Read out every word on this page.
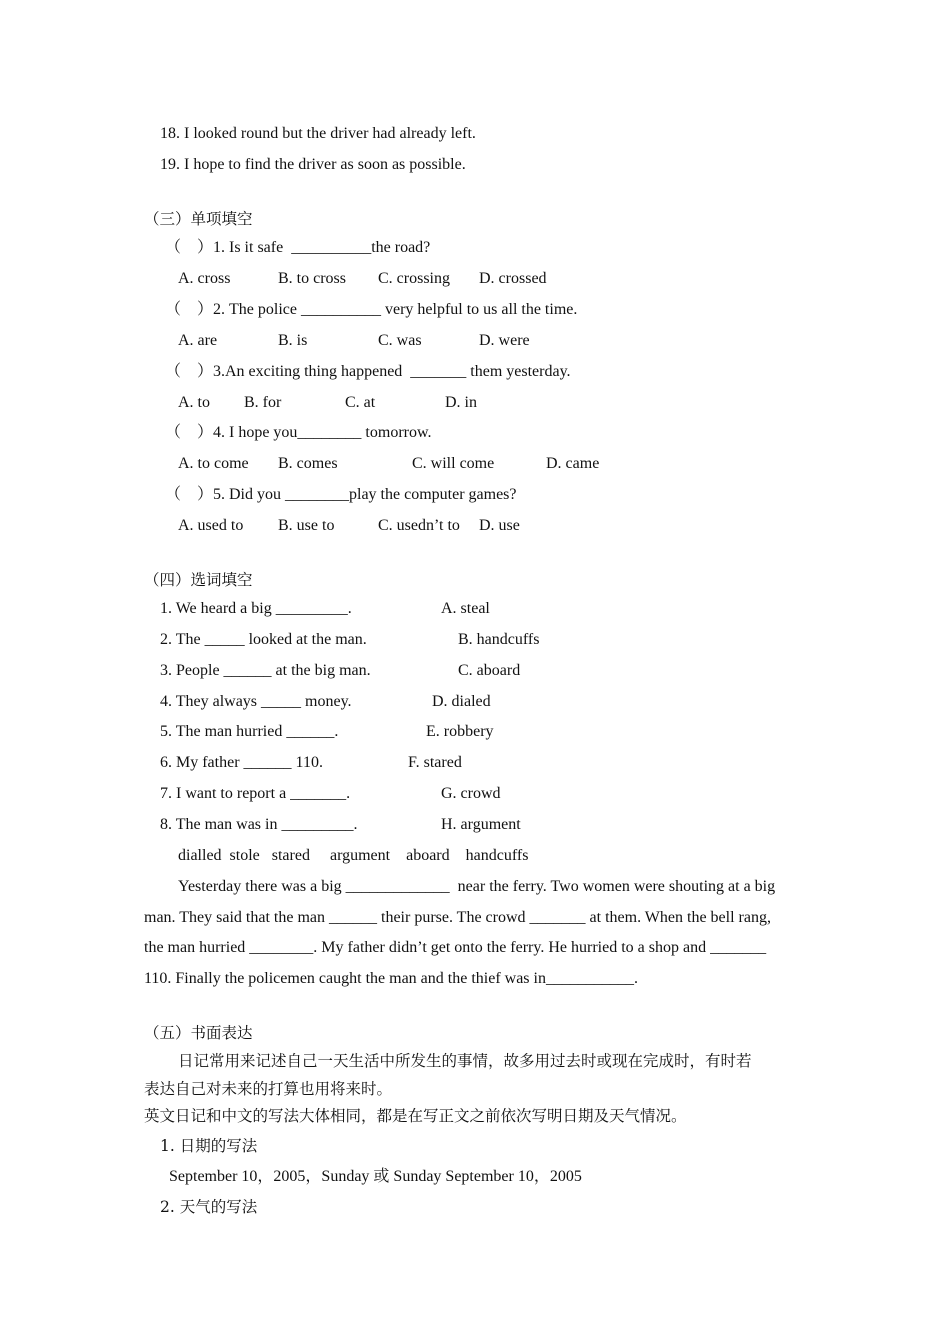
18. I looked round but the driver had already left.
19. I hope to find the driver as soon as possible.
（三）单项填空
（    ）1. Is it safe  __________the road?
A. cross	B. to cross C. crossing D. crossed
（    ）2. The police __________ very helpful to us all the time.
A. are	B. is	C. was	D. were
（    ）3.An exciting thing happened  _______ them yesterday.
A. to B. for	C. at	D. in
（    ）4. I hope you________ tomorrow.
A. to come B. comes	C. will come	D. came
（    ）5. Did you ________play the computer games?
A. used to B. use to	C. usedn’t to D. use
（四）选词填空
1. We heard a big _________.	A. steal
2. The _____ looked at the man.	B. handcuffs
3. People ______ at the big man.	C. aboard
4. They always _____ money.	D. dialed
5. The man hurried ______.	E. robbery
6. My father ______ 110.	F. stared
7. I want to report a _______.	G. crowd
8. The man was in _________.	H. argument
dialled  stole   stared     argument    aboard    handcuffs
Yesterday there was a big _____________  near the ferry. Two women were shouting at a big
man. They said that the man ______ their purse. The crowd _______ at them. When the bell rang,
the man hurried ________. My father didn’t get onto the ferry. He hurried to a shop and _______
110. Finally the policemen caught the man and the thief was in___________.
（五）书面表达
日记常用来记述自己一天生活中所发生的事情，故多用过去时或现在完成时，有时若
表达自己对未来的打算也用将来时。
英文日记和中文的写法大体相同，都是在写正文之前依次写明日期及天气情况。
1. 日期的写法
September 10，2005，Sunday 或 Sunday September 10，2005
2. 天气的写法
